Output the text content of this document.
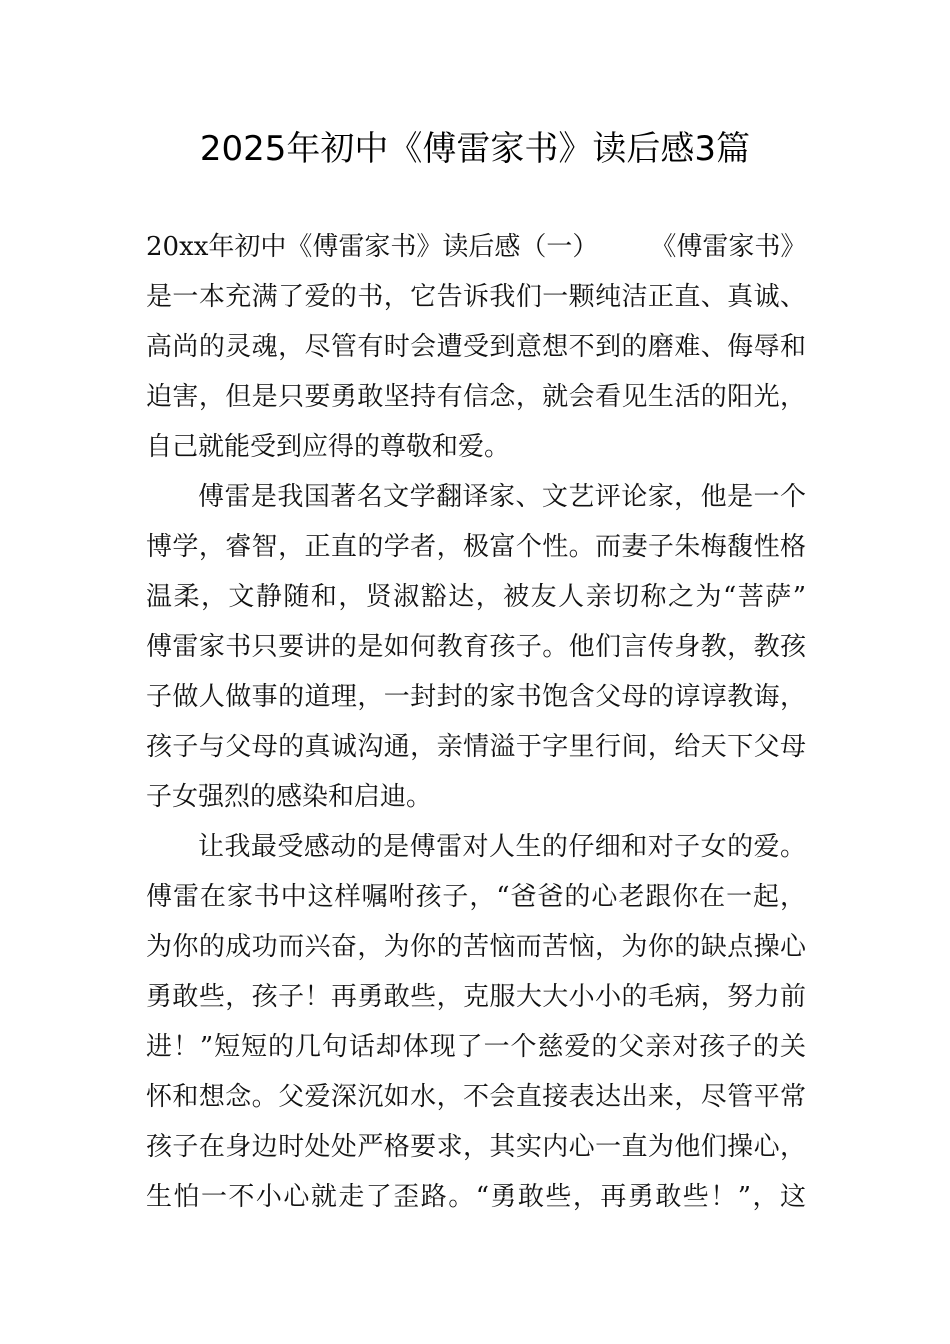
2025年初中《傅雷家书》读后感3篇
20xx年初中《傅雷家书》读后感（一）　　　《傅雷家书》
是一本充满了爱的书，它告诉我们一颗纯洁正直、真诚、
高尚的灵魂，尽管有时会遭受到意想不到的磨难、侮辱和
迫害，但是只要勇敢坚持有信念，就会看见生活的阳光，
自己就能受到应得的尊敬和爱。
傅雷是我国著名文学翻译家、文艺评论家，他是一个
博学，睿智，正直的学者，极富个性。而妻子朱梅馥性格
温柔，文静随和，贤淑豁达，被友人亲切称之为“菩萨”
傅雷家书只要讲的是如何教育孩子。他们言传身教，教孩
子做人做事的道理，一封封的家书饱含父母的谆谆教诲，
孩子与父母的真诚沟通，亲情溢于字里行间，给天下父母
子女强烈的感染和启迪。
让我最受感动的是傅雷对人生的仔细和对子女的爱。
傅雷在家书中这样嘱咐孩子，“爸爸的心老跟你在一起，
为你的成功而兴奋，为你的苦恼而苦恼，为你的缺点操心
勇敢些，孩子！再勇敢些，克服大大小小的毛病，努力前
进！”短短的几句话却体现了一个慈爱的父亲对孩子的关
怀和想念。父爱深沉如水，不会直接表达出来，尽管平常
孩子在身边时处处严格要求，其实内心一直为他们操心，
生怕一不小心就走了歪路。“勇敢些，再勇敢些！”，这
